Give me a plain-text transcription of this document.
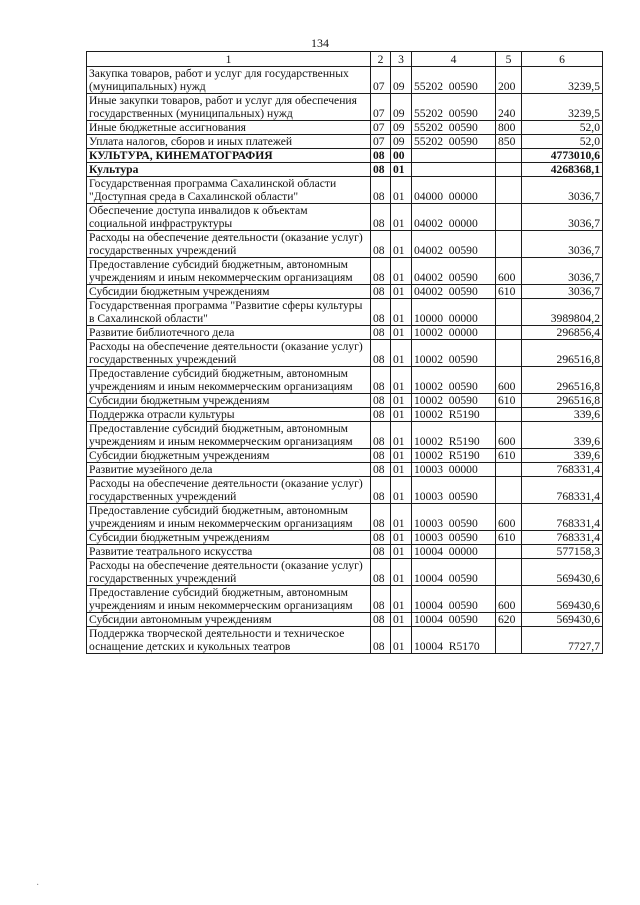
134
1	2	3	4	5	6
Закупка товаров, работ и услуг для государственных (муниципальных) нужд	07	09	55202  00590	200	3239,5
Иные закупки товаров, работ и услуг для обеспечения государственных (муниципальных) нужд	07	09	55202  00590	240	3239,5
Иные бюджетные ассигнования	07	09	55202  00590	800	52,0
Уплата налогов, сборов и иных платежей	07	09	55202  00590	850	52,0
КУЛЬТУРА, КИНЕМАТОГРАФИЯ	08	00			4773010,6
Культура	08	01			4268368,1
Государственная программа Сахалинской области "Доступная среда в Сахалинской области"	08	01	04000  00000		3036,7
Обеспечение доступа инвалидов к объектам социальной инфраструктуры	08	01	04002  00000		3036,7
Расходы на обеспечение деятельности (оказание услуг) государственных учреждений	08	01	04002  00590		3036,7
Предоставление субсидий бюджетным, автономным учреждениям и иным некоммерческим организациям	08	01	04002  00590	600	3036,7
Субсидии бюджетным учреждениям	08	01	04002  00590	610	3036,7
Государственная программа "Развитие сферы культуры в Сахалинской области"	08	01	10000  00000		3989804,2
Развитие библиотечного дела	08	01	10002  00000		296856,4
Расходы на обеспечение деятельности (оказание услуг) государственных учреждений	08	01	10002  00590		296516,8
Предоставление субсидий бюджетным, автономным учреждениям и иным некоммерческим организациям	08	01	10002  00590	600	296516,8
Субсидии бюджетным учреждениям	08	01	10002  00590	610	296516,8
Поддержка отрасли культуры	08	01	10002  R5190		339,6
Предоставление субсидий бюджетным, автономным учреждениям и иным некоммерческим организациям	08	01	10002  R5190	600	339,6
Субсидии бюджетным учреждениям	08	01	10002  R5190	610	339,6
Развитие музейного дела	08	01	10003  00000		768331,4
Расходы на обеспечение деятельности (оказание услуг) государственных учреждений	08	01	10003  00590		768331,4
Предоставление субсидий бюджетным, автономным учреждениям и иным некоммерческим организациям	08	01	10003  00590	600	768331,4
Субсидии бюджетным учреждениям	08	01	10003  00590	610	768331,4
Развитие театрального искусства	08	01	10004  00000		577158,3
Расходы на обеспечение деятельности (оказание услуг) государственных учреждений	08	01	10004  00590		569430,6
Предоставление субсидий бюджетным, автономным учреждениям и иным некоммерческим организациям	08	01	10004  00590	600	569430,6
Субсидии автономным учреждениям	08	01	10004  00590	620	569430,6
Поддержка творческой деятельности и техническое оснащение детских и кукольных театров	08	01	10004  R5170		7727,7
·
